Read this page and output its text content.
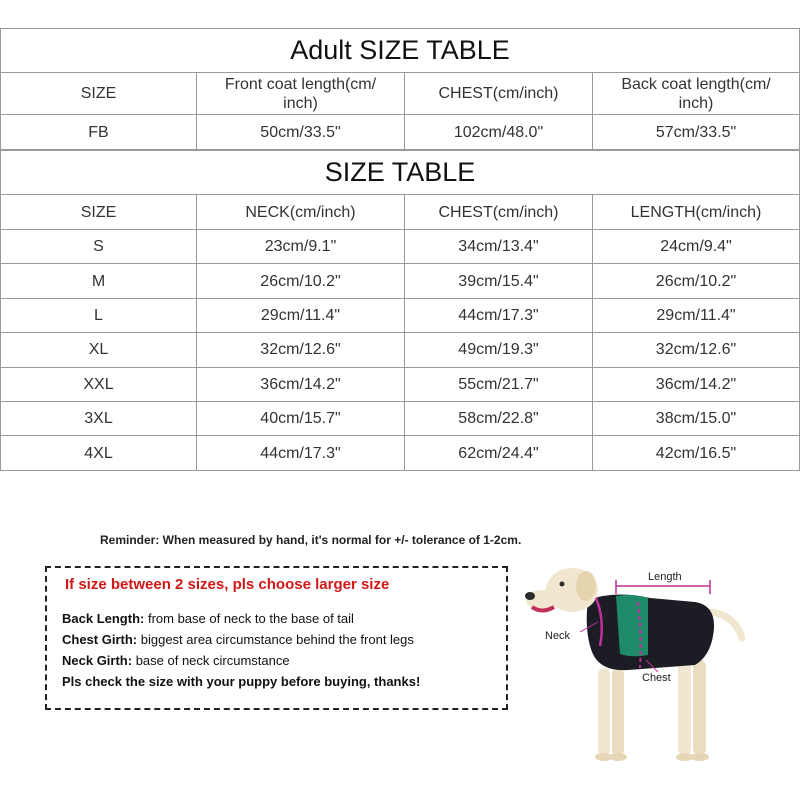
Adult SIZE TABLE			
SIZE	Front coat length(cm/
inch)	CHEST(cm/inch)	Back coat length(cm/
inch)
FB	50cm/33.5"	102cm/48.0"	57cm/33.5"
SIZE TABLE			
SIZE	NECK(cm/inch)	CHEST(cm/inch)	LENGTH(cm/inch)
S	23cm/9.1"	34cm/13.4"	24cm/9.4"
M	26cm/10.2"	39cm/15.4"	26cm/10.2"
L	29cm/11.4"	44cm/17.3"	29cm/11.4"
XL	32cm/12.6"	49cm/19.3"	32cm/12.6"
XXL	36cm/14.2"	55cm/21.7"	36cm/14.2"
3XL	40cm/15.7"	58cm/22.8"	38cm/15.0"
4XL	44cm/17.3"	62cm/24.4"	42cm/16.5"
Reminder: When measured by hand, it's normal for +/- tolerance of 1-2cm.
If size between 2 sizes, pls choose larger size
Back Length: from base of neck to the base of tail
Chest Girth: biggest area circumstance behind the front legs
Neck Girth: base of neck circumstance
Pls check the size with your puppy before buying, thanks!
Length
Neck
Chest
